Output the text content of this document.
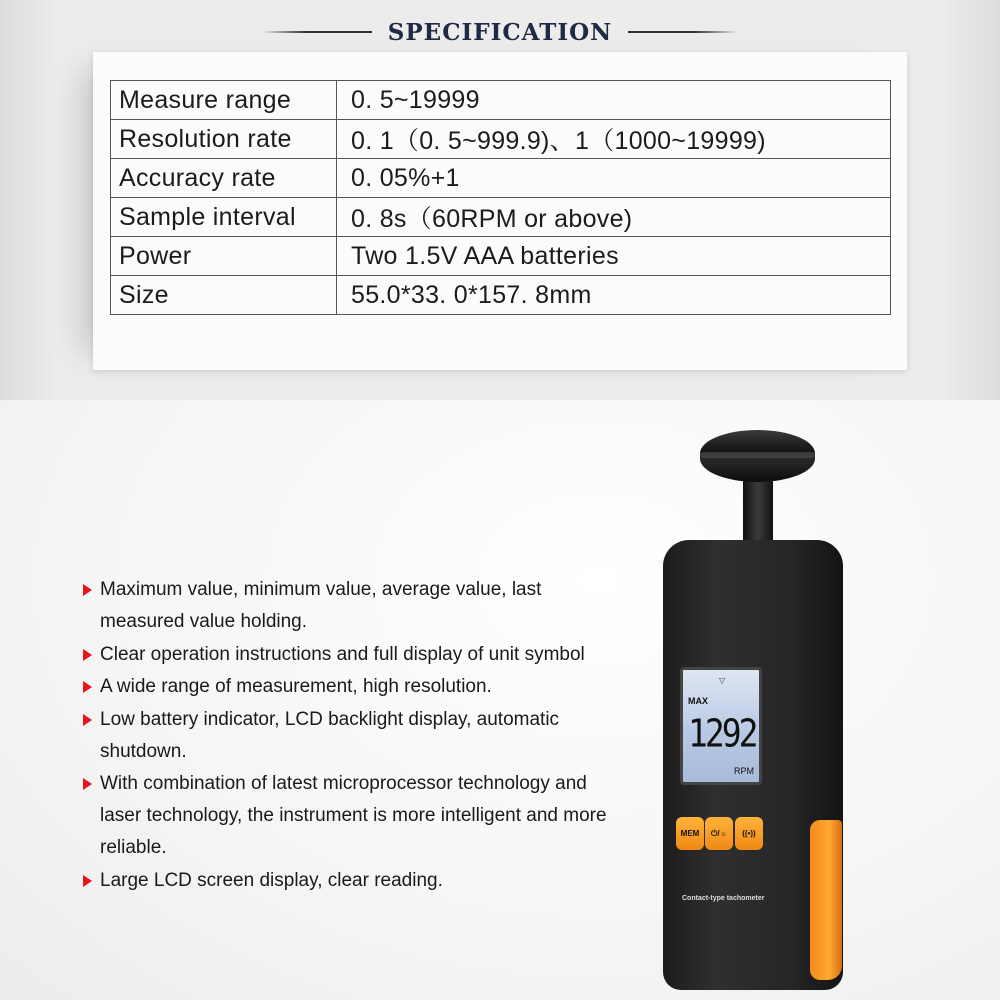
SPECIFICATION
Measure range	0. 5~19999
Resolution rate	0. 1（0. 5~999.9)、1（1000~19999)
Accuracy rate	0. 05%+1
Sample interval	0. 8s（60RPM or above)
Power	Two 1.5V AAA batteries
Size	55.0*33. 0*157. 8mm
Maximum value, minimum value, average value, last measured value holding.
Clear operation instructions and full display of unit symbol
A wide range of measurement, high resolution.
Low battery indicator, LCD backlight display, automatic shutdown.
With combination of latest microprocessor technology and laser technology, the instrument is more intelligent and more reliable.
Large LCD screen display, clear reading.
▽
MAX
1292
RPM
MEM	⏻/☼	((•))
Contact-type tachometer
